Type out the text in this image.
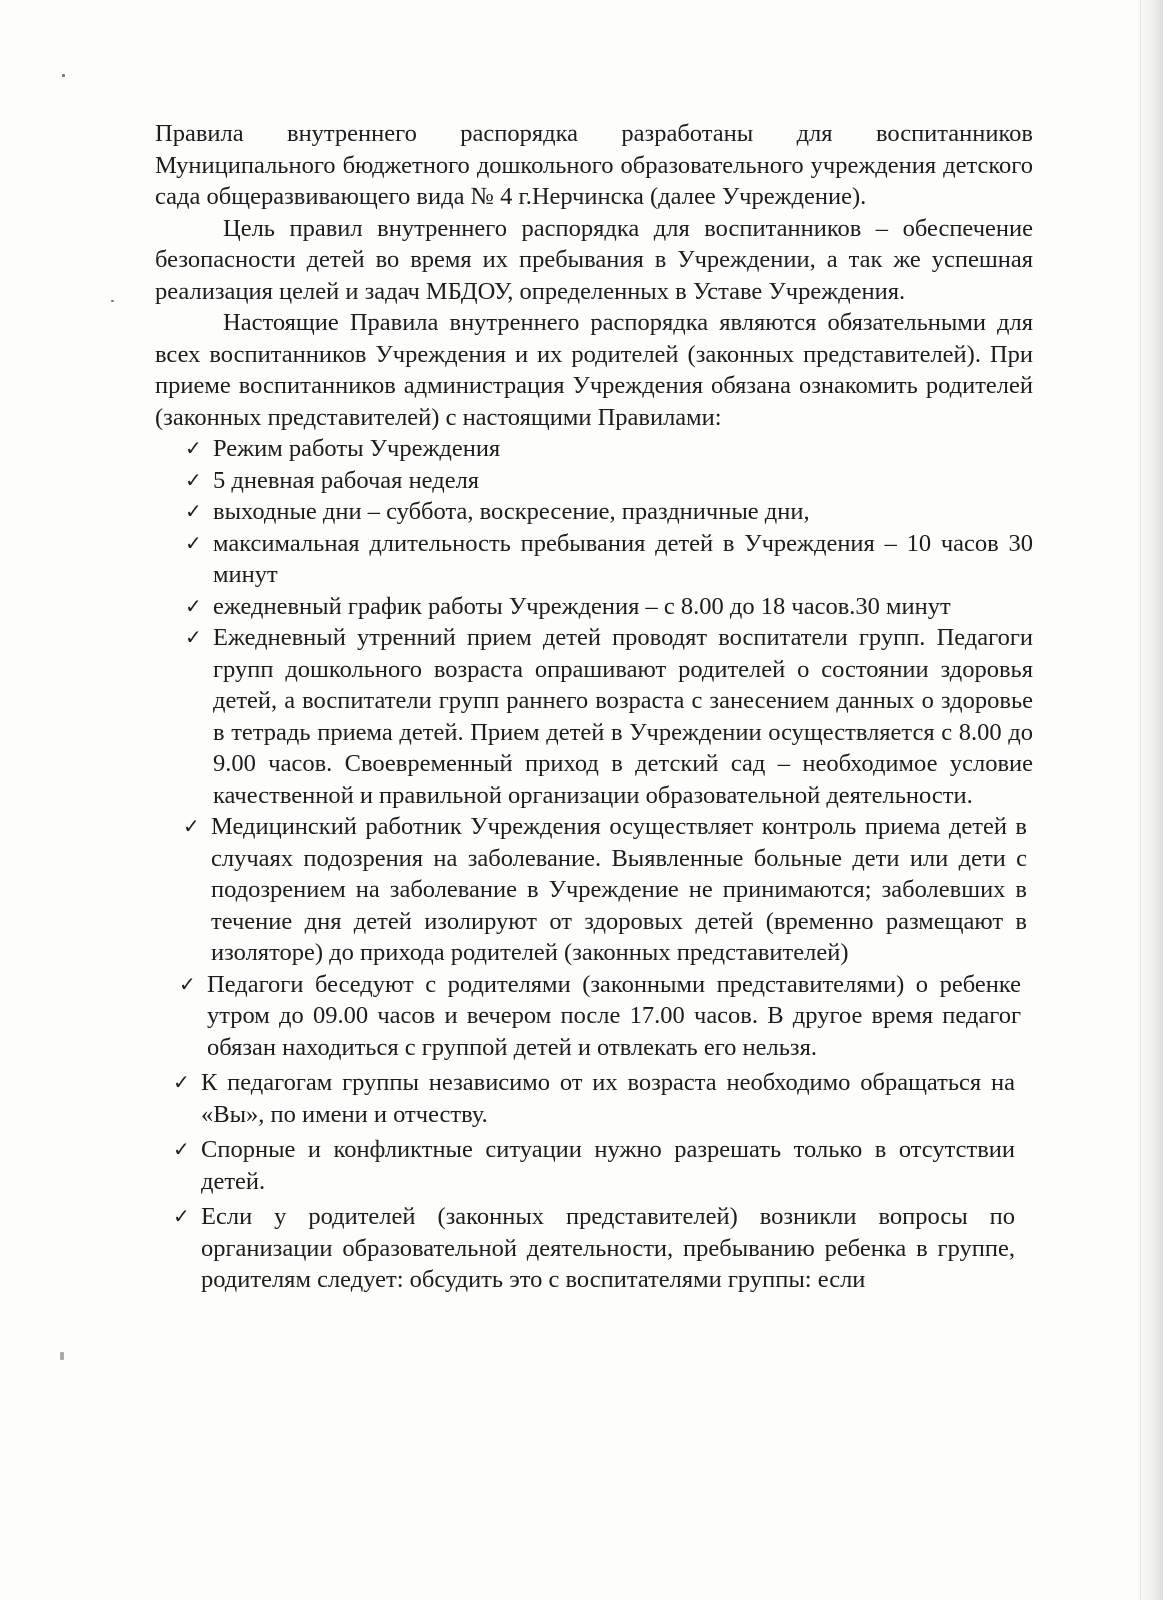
Правила внутреннего распорядка разработаны для воспитанников Муниципального бюджетного дошкольного образовательного учреждения детского сада общеразвивающего вида № 4 г.Нерчинска (далее Учреждение).

Цель правил внутреннего распорядка для воспитанников – обеспечение безопасности детей во время их пребывания в Учреждении, а так же успешная реализация целей и задач МБДОУ, определенных в Уставе Учреждения.

Настоящие Правила внутреннего распорядка являются обязательными для всех воспитанников Учреждения и их родителей (законных представителей). При приеме воспитанников администрация Учреждения обязана ознакомить родителей (законных представителей) с настоящими Правилами:

✓ Режим работы Учреждения
✓ 5 дневная рабочая неделя
✓ выходные дни – суббота, воскресение, праздничные дни,
✓ максимальная длительность пребывания детей в Учреждения – 10 часов 30 минут
✓ ежедневный график работы Учреждения – с 8.00 до 18 часов.30 минут
✓ Ежедневный утренний прием детей проводят воспитатели групп. Педагоги групп дошкольного возраста опрашивают родителей о состоянии здоровья детей, а воспитатели групп раннего возраста с занесением данных о здоровье в тетрадь приема детей. Прием детей в Учреждении осуществляется с 8.00 до 9.00 часов. Своевременный приход в детский сад – необходимое условие качественной и правильной организации образовательной деятельности.
✓ Медицинский работник Учреждения осуществляет контроль приема детей в случаях подозрения на заболевание. Выявленные больные дети или дети с подозрением на заболевание в Учреждение не принимаются; заболевших в течение дня детей изолируют от здоровых детей (временно размещают в изоляторе) до прихода родителей (законных представителей)
✓ Педагоги беседуют с родителями (законными представителями) о ребенке утром до 09.00 часов и вечером после 17.00 часов. В другое время педагог обязан находиться с группой детей и отвлекать его нельзя.
✓ К педагогам группы независимо от их возраста необходимо обращаться на «Вы», по имени и отчеству.
✓ Спорные и конфликтные ситуации нужно разрешать только в отсутствии детей.
✓ Если у родителей (законных представителей) возникли вопросы по организации образовательной деятельности, пребыванию ребенка в группе, родителям следует: обсудить это с воспитателями группы: если
